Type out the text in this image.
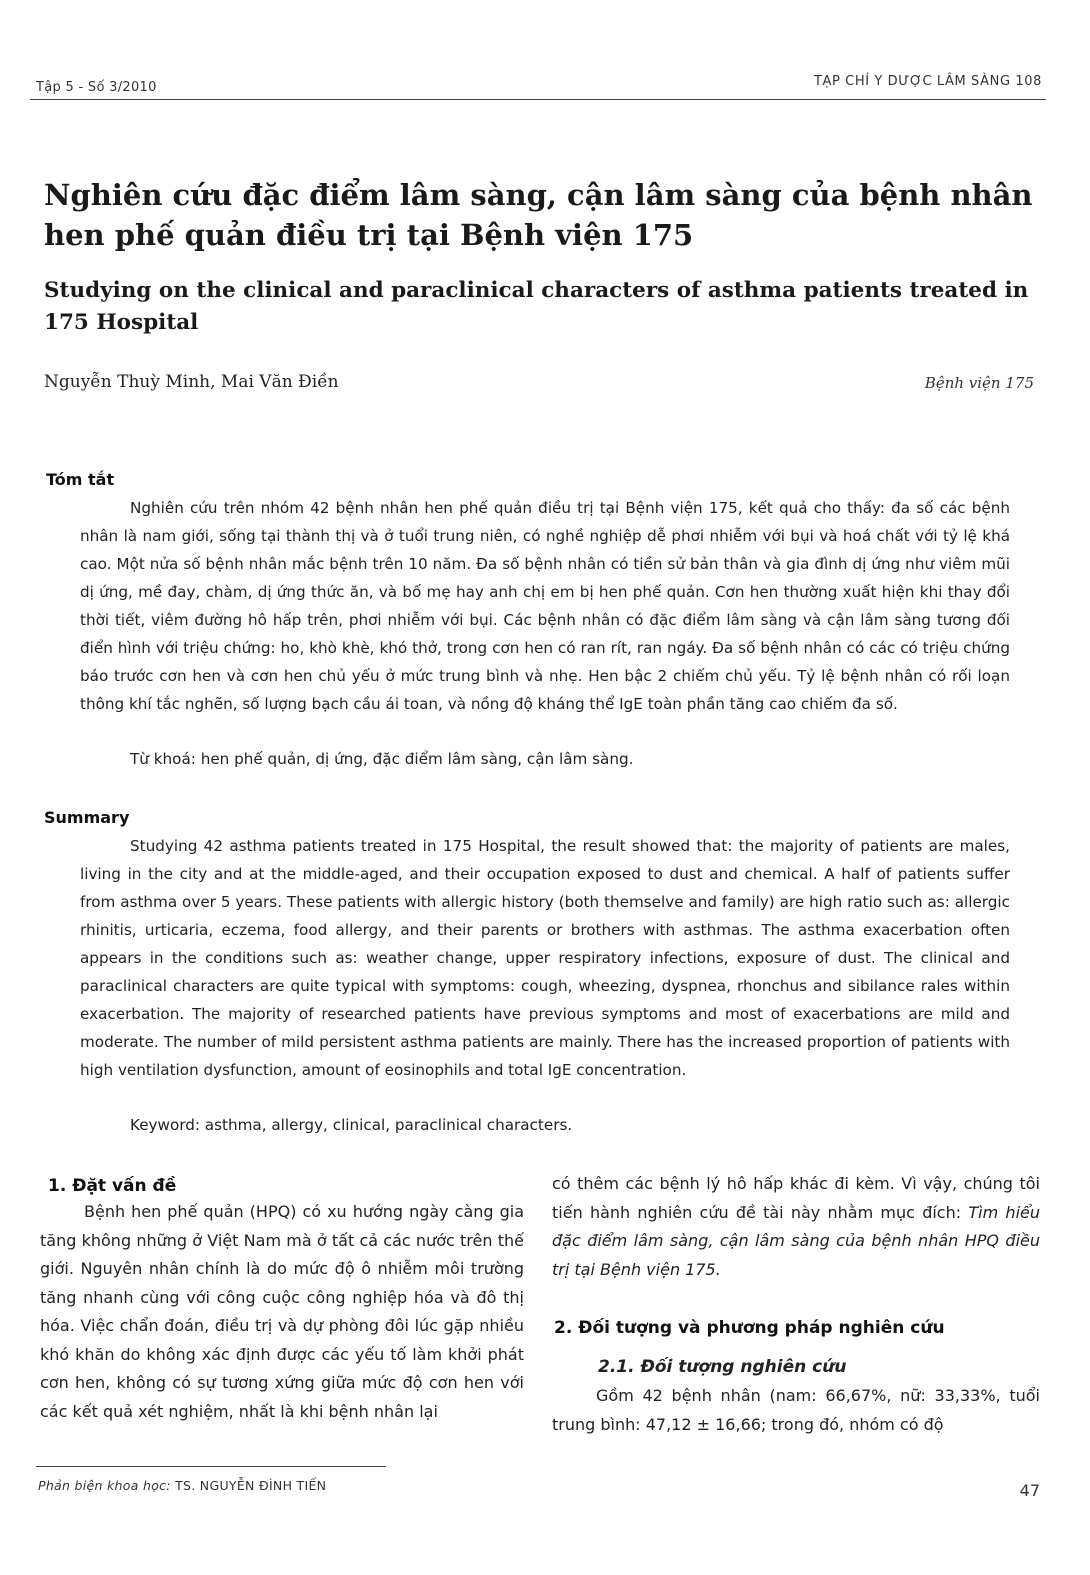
Tập 5 - Số 3/2010	TẠP CHÍ Y DƯỢC LÂM SÀNG 108
Nghiên cứu đặc điểm lâm sàng, cận lâm sàng của bệnh nhân hen phế quản điều trị tại Bệnh viện 175
Studying on the clinical and paraclinical characters of asthma patients treated in 175 Hospital
Nguyễn Thuỳ Minh, Mai Văn Điền	Bệnh viện 175
Tóm tắt

Nghiên cứu trên nhóm 42 bệnh nhân hen phế quản điều trị tại Bệnh viện 175, kết quả cho thấy: đa số các bệnh nhân là nam giới, sống tại thành thị và ở tuổi trung niên, có nghề nghiệp dễ phơi nhiễm với bụi và hoá chất với tỷ lệ khá cao. Một nửa số bệnh nhân mắc bệnh trên 10 năm. Đa số bệnh nhân có tiền sử bản thân và gia đình dị ứng như viêm mũi dị ứng, mề đay, chàm, dị ứng thức ăn, và bố mẹ hay anh chị em bị hen phế quản. Cơn hen thường xuất hiện khi thay đổi thời tiết, viêm đường hô hấp trên, phơi nhiễm với bụi. Các bệnh nhân có đặc điểm lâm sàng và cận lâm sàng tương đối điển hình với triệu chứng: ho, khò khè, khó thở, trong cơn hen có ran rít, ran ngáy. Đa số bệnh nhân có các có triệu chứng báo trước cơn hen và cơn hen chủ yếu ở mức trung bình và nhẹ. Hen bậc 2 chiếm chủ yếu. Tỷ lệ bệnh nhân có rối loạn thông khí tắc nghẽn, số lượng bạch cầu ái toan, và nồng độ kháng thể IgE toàn phần tăng cao chiếm đa số.

Từ khoá: hen phế quản, dị ứng, đặc điểm lâm sàng, cận lâm sàng.
Summary

Studying 42 asthma patients treated in 175 Hospital, the result showed that: the majority of patients are males, living in the city and at the middle-aged, and their occupation exposed to dust and chemical. A half of patients suffer from asthma over 5 years. These patients with allergic history (both themselve and family) are high ratio such as: allergic rhinitis, urticaria, eczema, food allergy, and their parents or brothers with asthmas. The asthma exacerbation often appears in the conditions such as: weather change, upper respiratory infections, exposure of dust. The clinical and paraclinical characters are quite typical with symptoms: cough, wheezing, dyspnea, rhonchus and sibilance rales within exacerbation. The majority of researched patients have previous symptoms and most of exacerbations are mild and moderate. The number of mild persistent asthma patients are mainly. There has the increased proportion of patients with high ventilation dysfunction, amount of eosinophils and total IgE concentration.

Keyword: asthma, allergy, clinical, paraclinical characters.
1. Đặt vấn đề

Bệnh hen phế quản (HPQ) có xu hướng ngày càng gia tăng không những ở Việt Nam mà ở tất cả các nước trên thế giới. Nguyên nhân chính là do mức độ ô nhiễm môi trường tăng nhanh cùng với công cuộc công nghiệp hóa và đô thị hóa. Việc chẩn đoán, điều trị và dự phòng đôi lúc gặp nhiều khó khăn do không xác định được các yếu tố làm khởi phát cơn hen, không có sự tương xứng giữa mức độ cơn hen với các kết quả xét nghiệm, nhất là khi bệnh nhân lại

có thêm các bệnh lý hô hấp khác đi kèm. Vì vậy, chúng tôi tiến hành nghiên cứu đề tài này nhằm mục đích: Tìm hiểu đặc điểm lâm sàng, cận lâm sàng của bệnh nhân HPQ điều trị tại Bệnh viện 175.

2. Đối tượng và phương pháp nghiên cứu
2.1. Đối tượng nghiên cứu

Gồm 42 bệnh nhân (nam: 66,67%, nữ: 33,33%, tuổi trung bình: 47,12 ± 16,66; trong đó, nhóm có độ

Phản biện khoa học: TS. NGUYỄN ĐÌNH TIẾN	47
